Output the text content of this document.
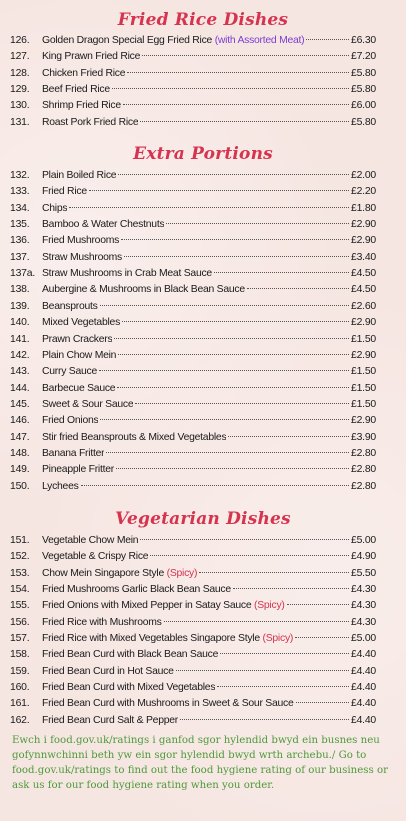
Fried Rice Dishes
126.	Golden Dragon Special Egg Fried Rice (with Assorted Meat)	£6.30
127.	King Prawn Fried Rice	£7.20
128.	Chicken Fried Rice	£5.80
129.	Beef Fried Rice	£5.80
130.	Shrimp Fried Rice	£6.00
131.	Roast Pork Fried Rice	£5.80
Extra Portions
132.	Plain Boiled Rice	£2.00
133.	Fried Rice	£2.20
134.	Chips	£1.80
135.	Bamboo & Water Chestnuts	£2.90
136.	Fried Mushrooms	£2.90
137.	Straw Mushrooms	£3.40
137a. Straw Mushrooms in Crab Meat Sauce	£4.50
138.	Aubergine & Mushrooms in Black Bean Sauce	£4.50
139.	Beansprouts	£2.60
140.	Mixed Vegetables	£2.90
141.	Prawn Crackers	£1.50
142.	Plain Chow Mein	£2.90
143.	Curry Sauce	£1.50
144.	Barbecue Sauce	£1.50
145.	Sweet & Sour Sauce	£1.50
146.	Fried Onions	£2.90
147.	Stir fried Beansprouts & Mixed Vegetables	£3.90
148.	Banana Fritter	£2.80
149.	Pineapple Fritter	£2.80
150.	Lychees	£2.80
Vegetarian Dishes
151.	Vegetable Chow Mein	£5.00
152.	Vegetable & Crispy Rice	£4.90
153.	Chow Mein Singapore Style (Spicy)	£5.50
154.	Fried Mushrooms Garlic Black Bean Sauce	£4.30
155.	Fried Onions with Mixed Pepper in Satay Sauce (Spicy)	£4.30
156.	Fried Rice with Mushrooms	£4.30
157.	Fried Rice with Mixed Vegetables Singapore Style (Spicy)	£5.00
158.	Fried Bean Curd with Black Bean Sauce	£4.40
159.	Fried Bean Curd in Hot Sauce	£4.40
160.	Fried Bean Curd with Mixed Vegetables	£4.40
161.	Fried Bean Curd with Mushrooms in Sweet & Sour Sauce	£4.40
162.	Fried Bean Curd Salt & Pepper	£4.40
Ewch i food.gov.uk/ratings i ganfod sgor hylendid bwyd ein busnes neu gofynnwchinni beth yw ein sgor hylendid bwyd wrth archebu./ Go to food.gov.uk/ratings to find out the food hygiene rating of our business or ask us for our food hygiene rating when you order.
